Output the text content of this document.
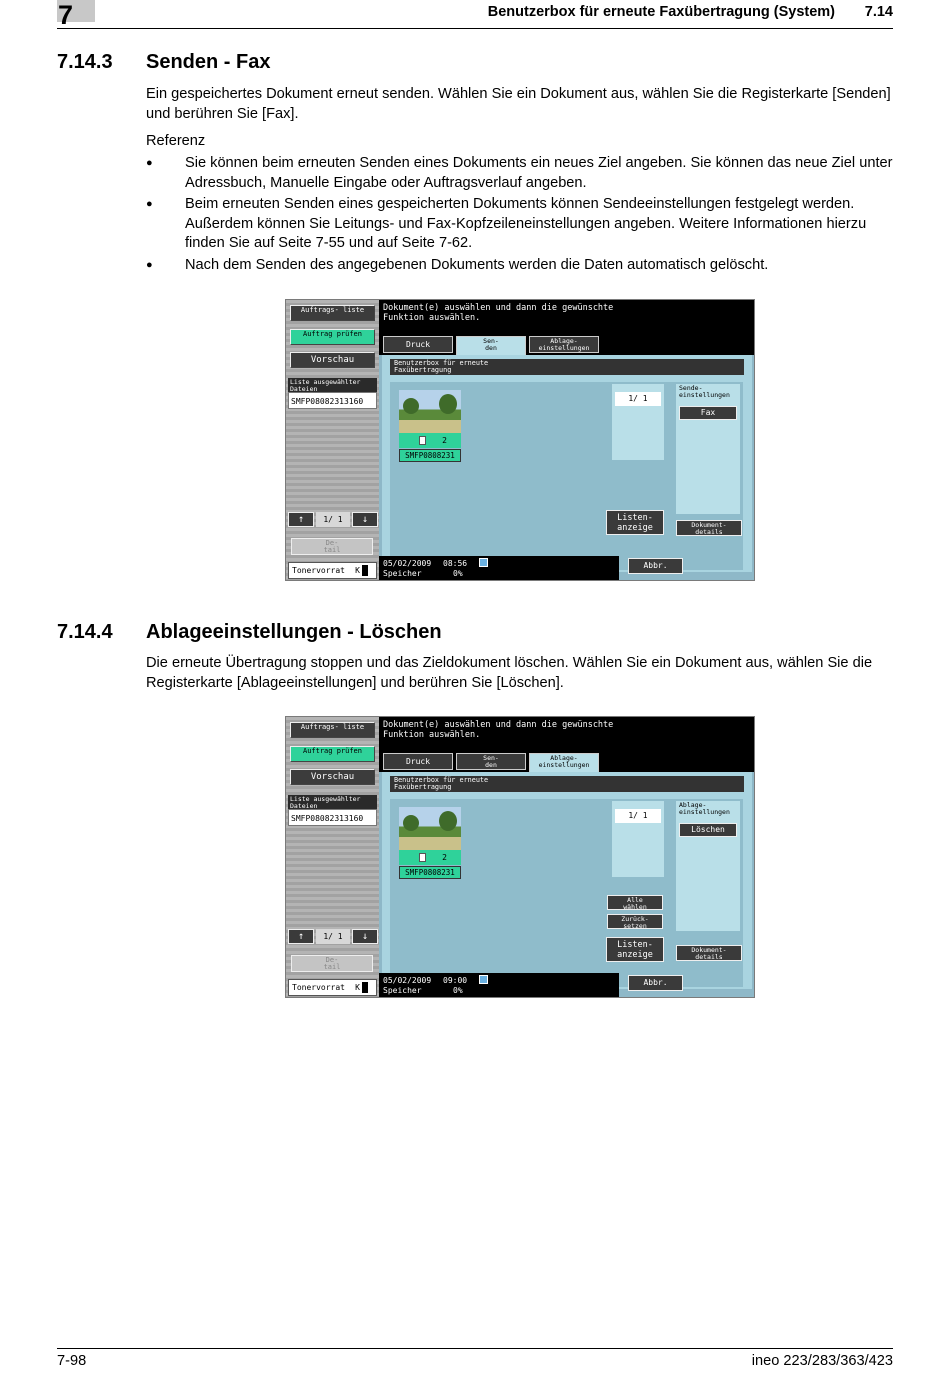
7	Benutzerbox für erneute Faxübertragung (System) 7.14
7.14.3 Senden - Fax

Ein gespeichertes Dokument erneut senden. Wählen Sie ein Dokument aus, wählen Sie die Registerkarte [Senden] und berühren Sie [Fax].

Referenz

● Sie können beim erneuten Senden eines Dokuments ein neues Ziel angeben. Sie können das neue Ziel unter Adressbuch, Manuelle Eingabe oder Auftragsverlauf angeben.
● Beim erneuten Senden eines gespeicherten Dokuments können Sendeeinstellungen festgelegt werden. Außerdem können Sie Leitungs- und Fax-Kopfzeileneinstellungen angeben. Weitere Informationen hierzu finden Sie auf Seite 7-55 und auf Seite 7-62.
● Nach dem Senden des angegebenen Dokuments werden die Daten automatisch gelöscht.
Auftrags- liste
Auftrag prüfen
Vorschau
Liste ausgewählter
Dateien
SMFP08082313160
↑	1/ 1	↓
De-
tail
Tonervorrat K
Dokument(e) auswählen und dann die gewünschte
Funktion auswählen.
Druck	Sen-
den
Ablage-
einstellungen
Benutzerbox für erneute
Faxübertragung
2
SMFP0808231
1/ 1
Sende-
einstellungen
Fax
Listen-
anzeige	Dokument-
details
05/02/2009 08:56
Speicher	0%
Abbr.
7.14.4 Ablageeinstellungen - Löschen

Die erneute Übertragung stoppen und das Zieldokument löschen. Wählen Sie ein Dokument aus, wählen Sie die Registerkarte [Ablageeinstellungen] und berühren Sie [Löschen].

Auftrags- liste
Auftrag prüfen
Vorschau
Liste ausgewählter
Dateien
SMFP08082313160
↑	1/ 1	↓
De-
tail
Tonervorrat K
Dokument(e) auswählen und dann die gewünschte
Funktion auswählen.
Druck	Sen-
den
Ablage-
einstellungen
Benutzerbox für erneute
Faxübertragung
2
SMFP0808231
1/ 1
Ablage-
einstellungen
Löschen
Alle
wählen
Zurück-
setzen
Listen-
anzeige	Dokument-
details
05/02/2009 09:00
Speicher	0%
Abbr.
7-98	ineo 223/283/363/423
